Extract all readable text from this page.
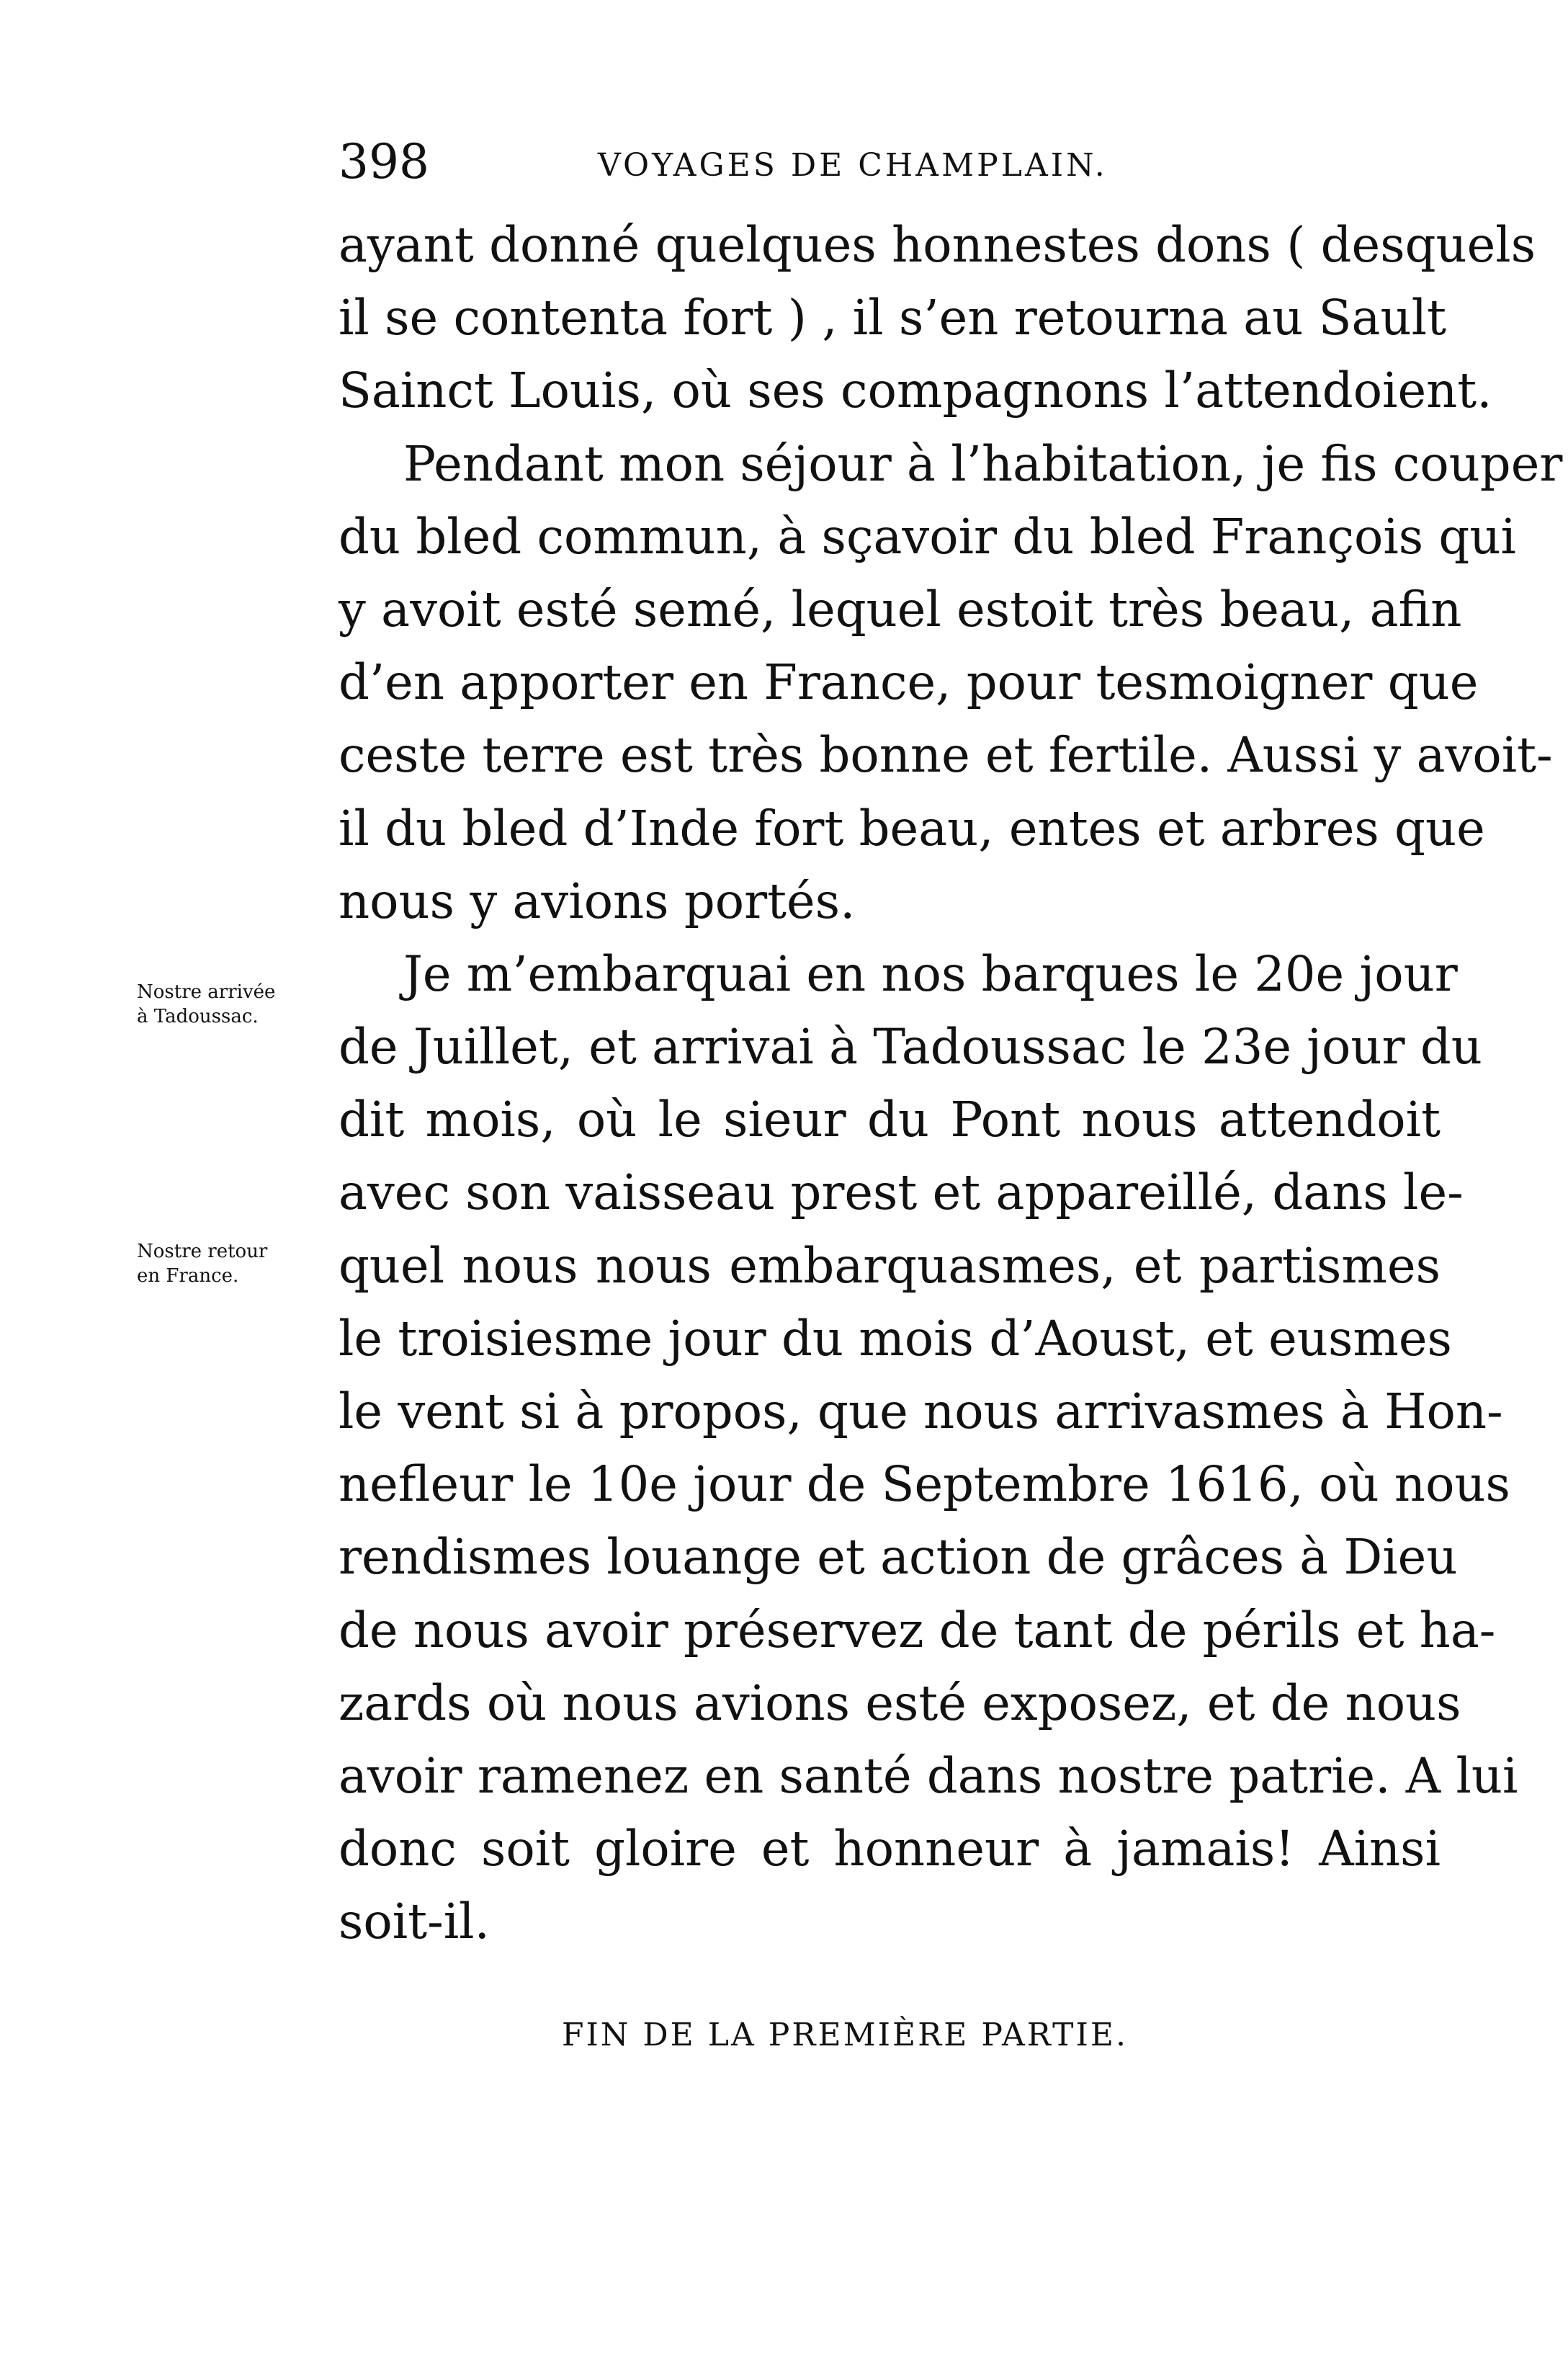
398	VOYAGES DE CHAMPLAIN.
ayant donné quelques honnestes dons ( desquels
il se contenta fort ) , il s’en retourna au Sault
Sainct Louis, où ses compagnons l’attendoient.
Pendant mon séjour à l’habitation, je fis couper
du bled commun, à sçavoir du bled François qui
y avoit esté semé, lequel estoit très beau, afin
d’en apporter en France, pour tesmoigner que
ceste terre est très bonne et fertile. Aussi y avoit-
il du bled d’Inde fort beau, entes et arbres que
nous y avions portés.
Je m’embarquai en nos barques le 20e jour
de Juillet, et arrivai à Tadoussac le 23e jour du
dit mois, où le sieur du Pont nous attendoit
avec son vaisseau prest et appareillé, dans le-
quel nous nous embarquasmes, et partismes
le troisiesme jour du mois d’Aoust, et eusmes
le vent si à propos, que nous arrivasmes à Hon-
nefleur le 10e jour de Septembre 1616, où nous
rendismes louange et action de grâces à Dieu
de nous avoir préservez de tant de périls et ha-
zards où nous avions esté exposez, et de nous
avoir ramenez en santé dans nostre patrie. A lui
donc soit gloire et honneur à jamais! Ainsi
soit-il.
Nostre arrivée
à Tadoussac.
Nostre retour
en France.
FIN DE LA PREMIÈRE PARTIE.
